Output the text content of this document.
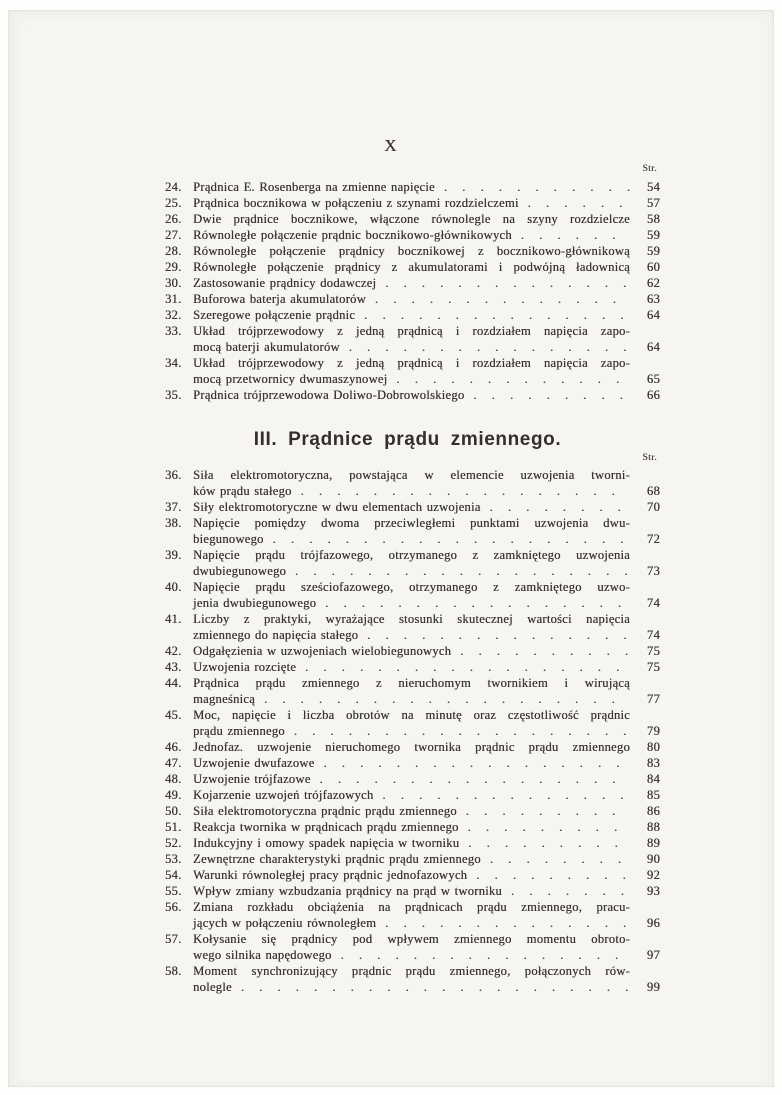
X
Str.
24. Prądnica E. Rosenberga na zmienne napięcie . . .	54
25. Prądnica bocznikowa w połączeniu z szynami rozdzielczemi . . .	57
26. Dwie prądnice bocznikowe, włączone równolegle na szyny rozdzielcze	58
27. Równoległe połączenie prądnic bocznikowo-głównikowych . . .	59
28. Równoległe połączenie prądnicy bocznikowej z bocznikowo-głównikową	59
29. Równoległe połączenie prądnicy z akumulatorami i podwójną ładownicą	60
30. Zastosowanie prądnicy dodawczej . . .	62
31. Buforowa baterja akumulatorów . . .	63
32. Szeregowe połączenie prądnic . . .	64
33. Układ trójprzewodowy z jedną prądnicą i rozdziałem napięcia zapo-
mocą baterji akumulatorów . . .	64
34. Układ trójprzewodowy z jedną prądnicą i rozdziałem napięcia zapo-
mocą przetwornicy dwumaszynowej . . .	65
35. Prądnica trójprzewodowa Doliwo-Dobrowolskiego . . .	66
III. Prądnice prądu zmiennego.
Str.
36. Siła elektromotoryczna, powstająca w elemencie uzwojenia tworni-
ków prądu stałego . . .	68
37. Siły elektromotoryczne w dwu elementach uzwojenia . . .	70
38. Napięcie pomiędzy dwoma przeciwległemi punktami uzwojenia dwu-
biegunowego . . .	72
39. Napięcie prądu trójfazowego, otrzymanego z zamkniętego uzwojenia
dwubiegunowego . . .	73
40. Napięcie prądu sześciofazowego, otrzymanego z zamkniętego uzwo-
jenia dwubiegunowego . . .	74
41. Liczby z praktyki, wyrażające stosunki skutecznej wartości napięcia
zmiennego do napięcia stałego . . .	74
42. Odgałęzienia w uzwojeniach wielobiegunowych . . .	75
43. Uzwojenia rozcięte . . .	75
44. Prądnica prądu zmiennego z nieruchomym twornikiem i wirującą
magneśnicą . . .	77
45. Moc, napięcie i liczba obrotów na minutę oraz częstotliwość prądnic
prądu zmiennego . . .	79
46. Jednofaz. uzwojenie nieruchomego twornika prądnic prądu zmiennego	80
47. Uzwojenie dwufazowe . . .	83
48. Uzwojenie trójfazowe . . .	84
49. Kojarzenie uzwojeń trójfazowych . . .	85
50. Siła elektromotoryczna prądnic prądu zmiennego . . .	86
51. Reakcja twornika w prądnicach prądu zmiennego . . .	88
52. Indukcyjny i omowy spadek napięcia w tworniku . . .	89
53. Zewnętrzne charakterystyki prądnic prądu zmiennego . . .	90
54. Warunki równoległej pracy prądnic jednofazowych . . .	92
55. Wpływ zmiany wzbudzania prądnicy na prąd w tworniku . . .	93
56. Zmiana rozkładu obciążenia na prądnicach prądu zmiennego, pracu-
jących w połączeniu równoległem . . .	96
57. Kołysanie się prądnicy pod wpływem zmiennego momentu obroto-
wego silnika napędowego . . .	97
58. Moment synchronizujący prądnic prądu zmiennego, połączonych rów-
nolegle . . .	99
